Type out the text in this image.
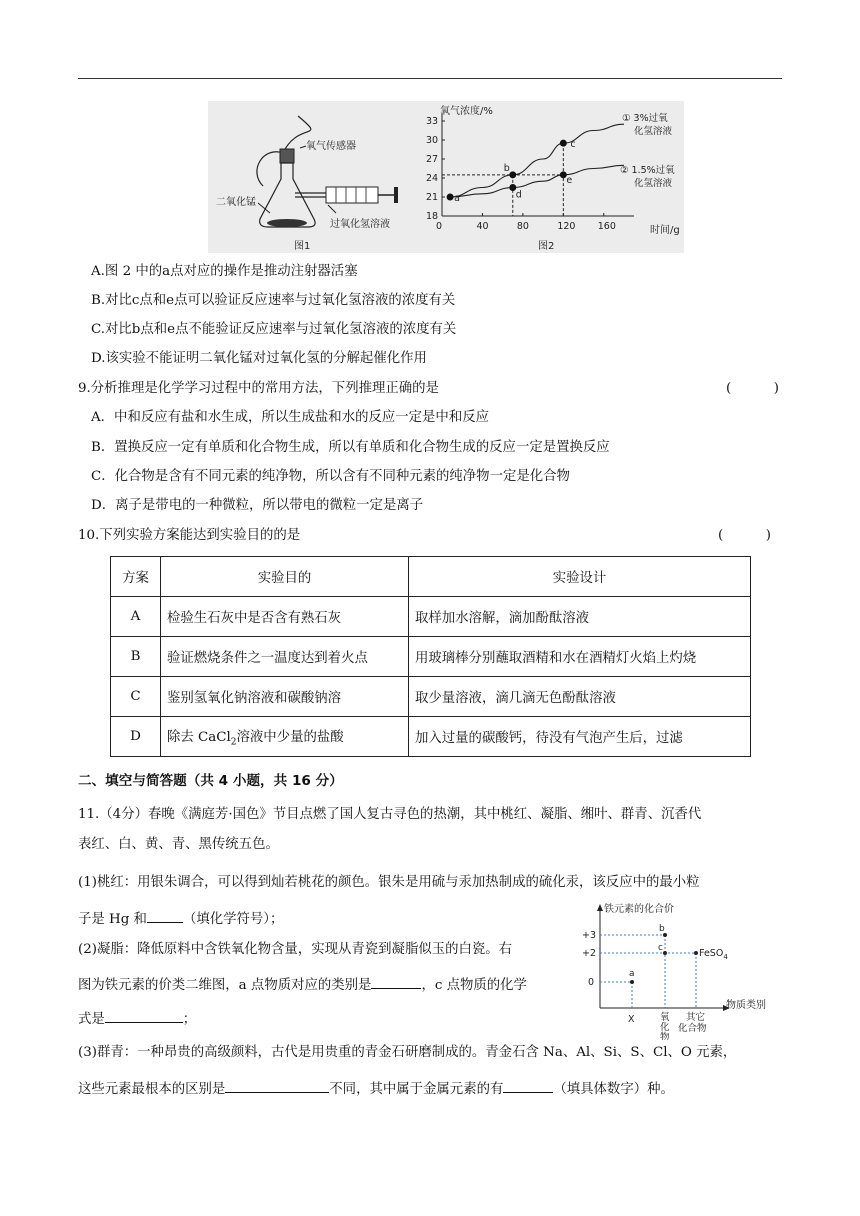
氧气传感器
二氧化锰
过氧化氢溶液
图1
33
30
27
24
21
18
0	40	80	120 160
a
b
c
d
e
氧气浓度/%
时间/g
图2
① 3%过氧
化氢溶液
② 1.5%过氧
化氢溶液
A.图 2 中的a点对应的操作是推动注射器活塞
B.对比c点和e点可以验证反应速率与过氧化氢溶液的浓度有关
C.对比b点和e点不能验证反应速率与过氧化氢溶液的浓度有关
D.该实验不能证明二氧化锰对过氧化氢的分解起催化作用
9.分析推理是化学学习过程中的常用方法，下列推理正确的是	(          )
A．中和反应有盐和水生成，所以生成盐和水的反应一定是中和反应
B．置换反应一定有单质和化合物生成，所以有单质和化合物生成的反应一定是置换反应
C．化合物是含有不同元素的纯净物，所以含有不同种元素的纯净物一定是化合物
D．离子是带电的一种微粒，所以带电的微粒一定是离子
10.下列实验方案能达到实验目的的是	(          )
方案	实验目的	实验设计
A	检验生石灰中是否含有熟石灰	取样加水溶解，滴加酚酞溶液
B	验证燃烧条件之一温度达到着火点	用玻璃棒分别蘸取酒精和水在酒精灯火焰上灼烧
C	鉴别氢氧化钠溶液和碳酸钠溶	取少量溶液，滴几滴无色酚酞溶液
D	除去 CaCl$_2$溶液中少量的盐酸	加入过量的碳酸钙，待没有气泡产生后，过滤
二、填空与简答题（共 4 小题，共 16 分）
11.（4分）春晚《满庭芳·国色》节目点燃了国人复古寻色的热潮，其中桃红、凝脂、缃叶、群青、沉香代
表红、白、黄、青、黑传统五色。
(1)桃红：用银朱调合，可以得到灿若桃花的颜色。银朱是用硫与汞加热制成的硫化汞，该反应中的最小粒
子是 Hg 和	（填化学符号）；
(2)凝脂：降低原料中含铁氧化物含量，实现从青瓷到凝脂似玉的白瓷。右
图为铁元素的价类二维图，a 点物质对应的类别是	，c 点物质的化学
式是	；
(3)群青：一种昂贵的高级颜料，古代是用贵重的青金石研磨制成的。青金石含 Na、Al、Si、S、Cl、O 元素，
这些元素最根本的区别是	不同，其中属于金属元素的有	（填具体数字）种。
铁元素的化合价
物质类别
+3
+2
0
a
b
c	FeSO$_4$
X	氧
化
物
其它
化合物
